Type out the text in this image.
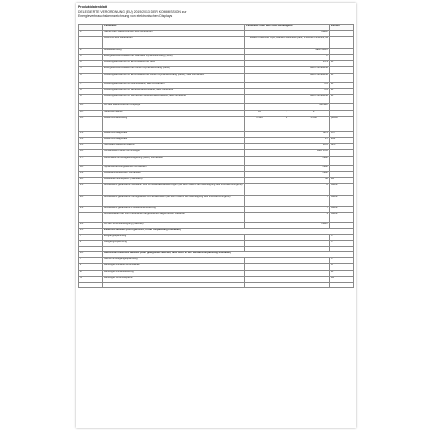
Produktdatenblatt
DELEGIERTE VERORDNUNG (EU) 2019/2013 DER KOMMISSION zur
Energieverbrauchskennzeichnung von elektronischen Displays
	Parameter	Parameter oder Wert und Genauigkeit	Einheit
1.	Name oder Warenzeichen des Lieferanten	DELL	
	Anschrift des Lieferanten	EMEA Customer Ops, Raheen Business park, V94W22 Limerick, IE	
2.	Modellkennung	SE2722HX	
3.	Energieeffizienzklasse bei Standard Dynamikumfang (SDR)	F	
4.	Leistungsaufnahme im Ein-Zustand bei SDR	25.3	W
5.	Energieeffizienzklasse bei hohem Dynamikumfang (HDR)	Nicht zutreffend	
6.	Leistungsaufnahme im Ein-Zustand bei hohem Dynamikumfang (HDR), falls vorhanden	Nicht zutreffend	W
7.	Leistungsaufnahme im Aus-Zustand, falls vorhanden	0.2	W
8.	Leistungsaufnahme im Bereitschaftszustand, falls zutreffend	0.2	W
9.	Leistungsaufnahme im vernetzten Bereitschaftszustand, falls zutreffend	Nicht zutreffend	W
10.	Art des elektronischen Displays	Monitor	
11.	Seitenverhältnis	16 : 9	
12.	Bildschirmauflösung	1 920 x 1 080	pixels
13.	Bildschirmdiagonale	68.5	cm
14.	Bildschirmdiagonale	27	Zoll
15.	Sichtbare Bildschirmfläche	20.0	dm²
16.	Verwendete Panel-Technologie	LED LCD	
17.	Automatische Helligkeitsregelung (ABC) vorhanden	Nein	
18.	Spracherkennungssensor vorhanden	Nein	
19.	Anwesenheitssensor vorhanden	Nein	
20.	Bildwiederholfrequenz (Standard)	60	Hz
21.	Mindestens garantierte Software- und Firmwareaktualisierungen (ab dem Datum der Beendigung des Inverkehrbringens)	8	Jahre
22.	Mindestens garantierte Verfügbarkeit von Ersatzteilen (ab dem Datum der Beendigung des Inverkehrbringens)	7	Jahre
23.	Mindestens garantierte Produktunterstützung	7	Jahre
	Mindestdauer der vom Lieferanten angebotenen allgemeinen Garantie	3	Jahre
24.	Art der Stromversorgung (Netzteil)	Intern	
25.	Externes Netzteil (nicht genormt, in der Verpackung enthalten)		
i	Eingangsspannung		V
ii	Ausgangsspannung		V

26.	Genormtes externes Netzteil (oder geeignetes Netzteil, falls nicht in der Verkaufsverpackung enthalten)		
i	Genormt Ausgangsspannung		V
ii	Benötigte Mindest-Stromstärke		A
iii	Benötigte Mindestleistung		W
iv	Benötigte Stromfrequenz		Hz
